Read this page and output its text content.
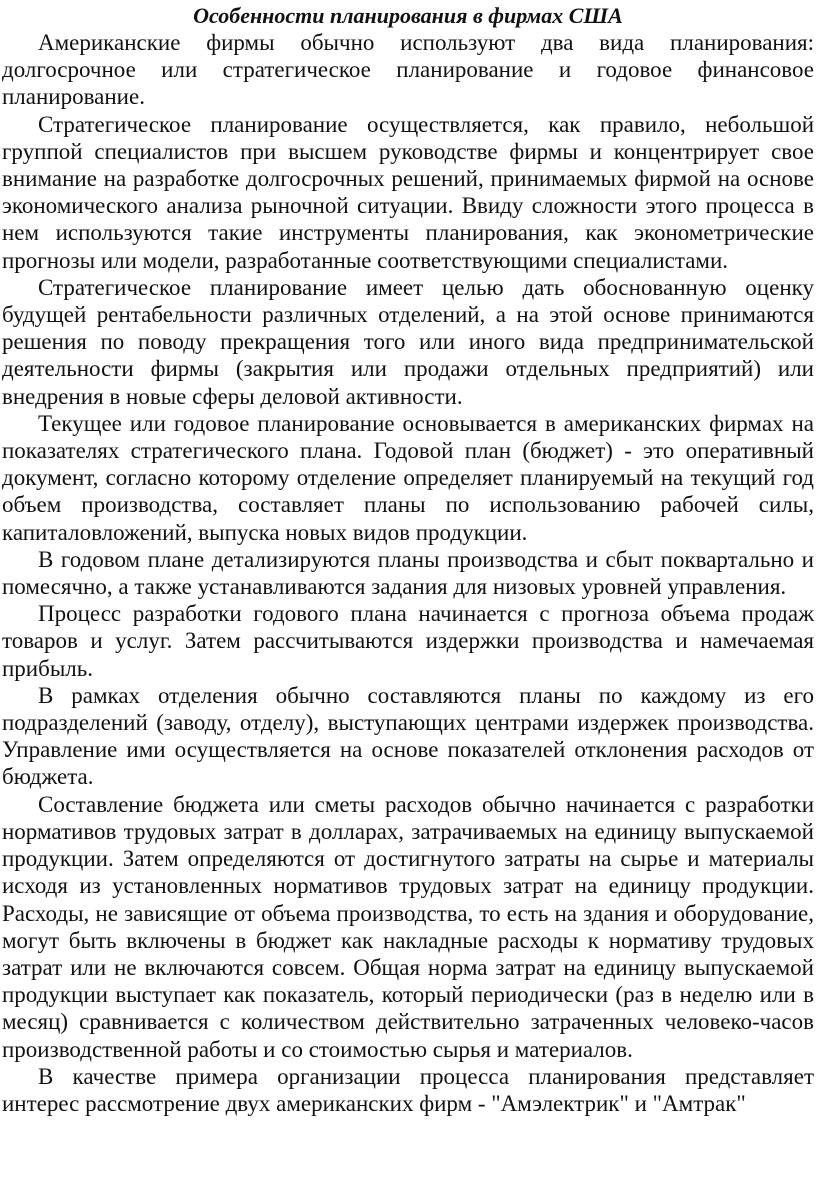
Особенности планирования в фирмах США

Американские фирмы обычно используют два вида планирования: долгосрочное или стратегическое планирование и годовое финансовое планирование.

Стратегическое планирование осуществляется, как правило, небольшой группой специалистов при высшем руководстве фирмы и концентрирует свое внимание на разработке долгосрочных решений, принимаемых фирмой на основе экономического анализа рыночной ситуации. Ввиду сложности этого процесса в нем используются такие инструменты планирования, как эконометрические прогнозы или модели, разработанные соответствующими специалистами.

Стратегическое планирование имеет целью дать обоснованную оценку будущей рентабельности различных отделений, а на этой основе принимаются решения по поводу прекращения того или иного вида предпринимательской деятельности фирмы (закрытия или продажи отдельных предприятий) или внедрения в новые сферы деловой активности.

Текущее или годовое планирование основывается в американских фирмах на показателях стратегического плана. Годовой план (бюджет) - это оперативный документ, согласно которому отделение определяет планируемый на текущий год объем производства, составляет планы по использованию рабочей силы, капиталовложений, выпуска новых видов продукции.

В годовом плане детализируются планы производства и сбыт поквартально и помесячно, а также устанавливаются задания для низовых уровней управления.

Процесс разработки годового плана начинается с прогноза объема продаж товаров и услуг. Затем рассчитываются издержки производства и намечаемая прибыль.

В рамках отделения обычно составляются планы по каждому из его подразделений (заводу, отделу), выступающих центрами издержек производства. Управление ими осуществляется на основе показателей отклонения расходов от бюджета.

Составление бюджета или сметы расходов обычно начинается с разработки нормативов трудовых затрат в долларах, затрачиваемых на единицу выпускаемой продукции. Затем определяются от достигнутого затраты на сырье и материалы исходя из установленных нормативов трудовых затрат на единицу продукции. Расходы, не зависящие от объема производства, то есть на здания и оборудование, могут быть включены в бюджет как накладные расходы к нормативу трудовых затрат или не включаются совсем. Общая норма затрат на единицу выпускаемой продукции выступает как показатель, который периодически (раз в неделю или в месяц) сравнивается с количеством действительно затраченных человеко-часов производственной работы и со стоимостью сырья и материалов.

В качестве примера организации процесса планирования представляет интерес рассмотрение двух американских фирм - "Амэлектрик" и "Амтрак"
